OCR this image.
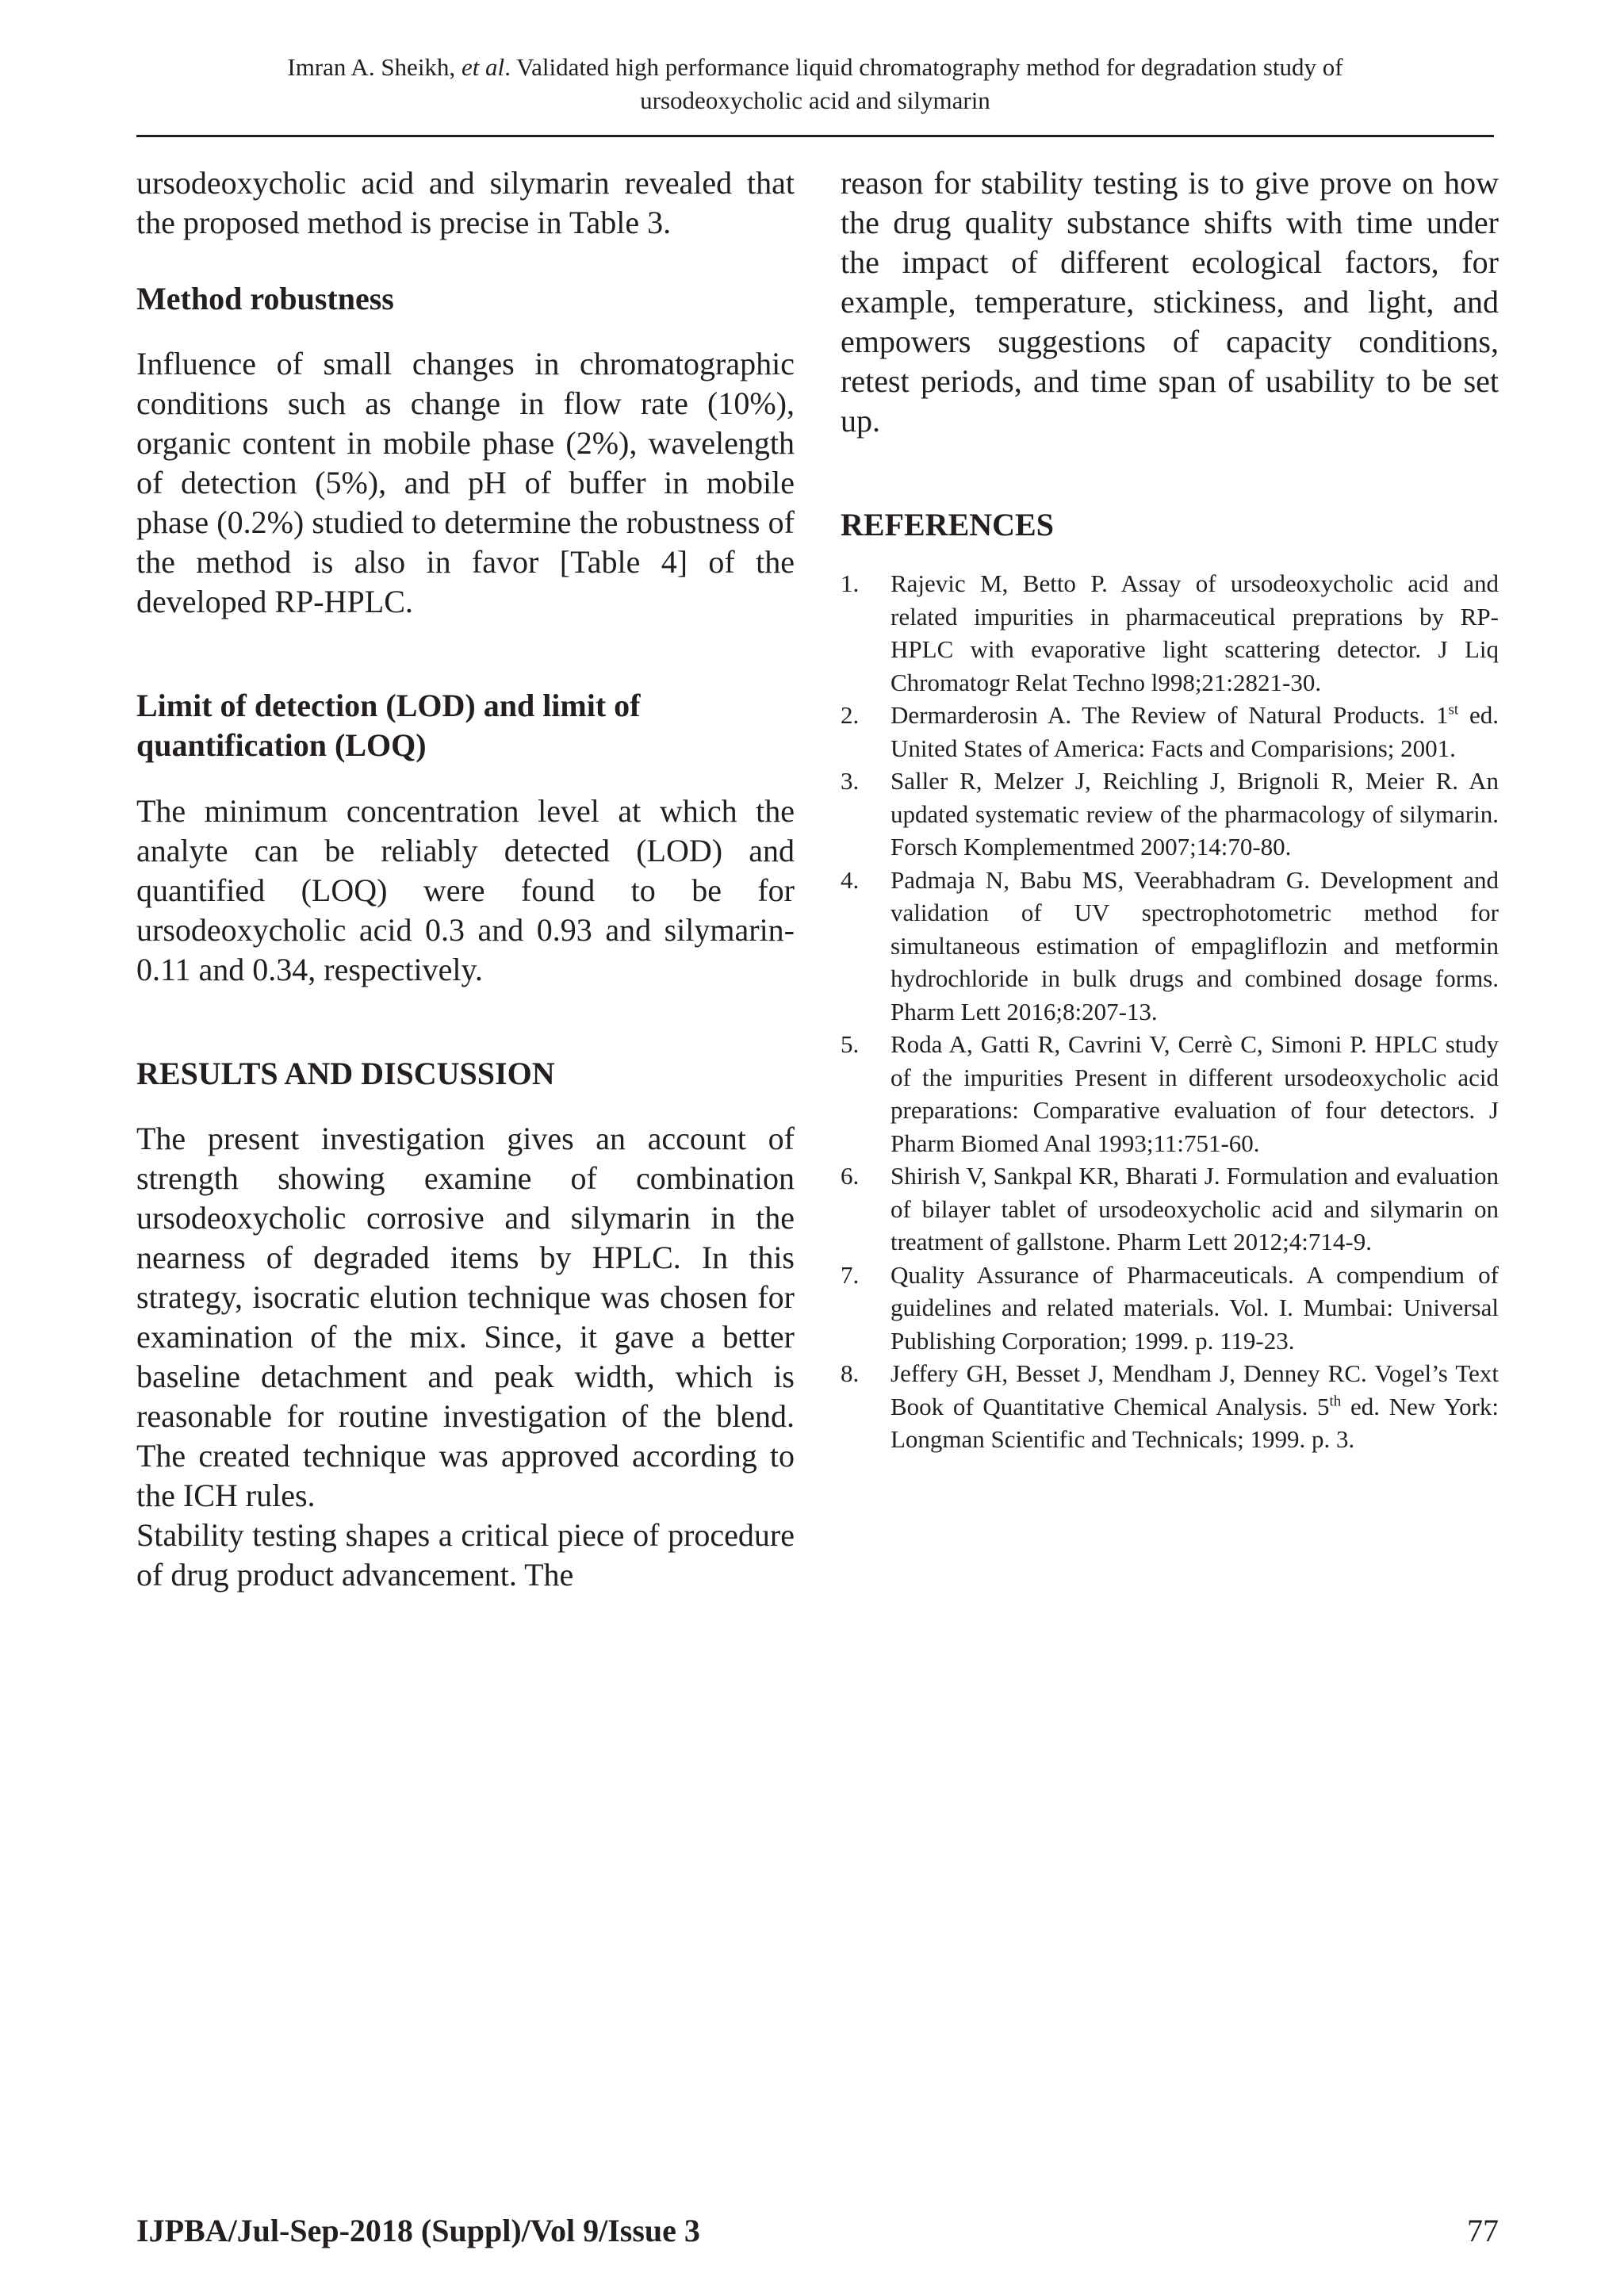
Imran A. Sheikh, et al. Validated high performance liquid chromatography method for degradation study of
ursodeoxycholic acid and silymarin

ursodeoxycholic acid and silymarin revealed that the proposed method is precise in Table 3.

Method robustness

Influence of small changes in chromatographic conditions such as change in flow rate (10%), organic content in mobile phase (2%), wavelength of detection (5%), and pH of buffer in mobile phase (0.2%) studied to determine the robustness of the method is also in favor [Table 4] of the developed RP-HPLC.

Limit of detection (LOD) and limit of quantification (LOQ)

The minimum concentration level at which the analyte can be reliably detected (LOD) and quantified (LOQ) were found to be for ursodeoxycholic acid 0.3 and 0.93 and silymarin- 0.11 and 0.34, respectively.

RESULTS AND DISCUSSION

The present investigation gives an account of strength showing examine of combination ursodeoxycholic corrosive and silymarin in the nearness of degraded items by HPLC. In this strategy, isocratic elution technique was chosen for examination of the mix. Since, it gave a better baseline detachment and peak width, which is reasonable for routine investigation of the blend. The created technique was approved according to the ICH rules.

Stability testing shapes a critical piece of procedure of drug product advancement. The

reason for stability testing is to give prove on how the drug quality substance shifts with time under the impact of different ecological factors, for example, temperature, stickiness, and light, and empowers suggestions of capacity conditions, retest periods, and time span of usability to be set up.

REFERENCES

1. Rajevic M, Betto P. Assay of ursodeoxycholic acid and related impurities in pharmaceutical preprations by RP-HPLC with evaporative light scattering detector. J Liq Chromatogr Relat Techno l998;21:2821-30.
2. Dermarderosin A. The Review of Natural Products. 1st ed. United States of America: Facts and Comparisions; 2001.
3. Saller R, Melzer J, Reichling J, Brignoli R, Meier R. An updated systematic review of the pharmacology of silymarin. Forsch Komplementmed 2007;14:70-80.
4. Padmaja N, Babu MS, Veerabhadram G. Development and validation of UV spectrophotometric method for simultaneous estimation of empagliflozin and metformin hydrochloride in bulk drugs and combined dosage forms. Pharm Lett 2016;8:207-13.
5. Roda A, Gatti R, Cavrini V, Cerrè C, Simoni P. HPLC study of the impurities Present in different ursodeoxycholic acid preparations: Comparative evaluation of four detectors. J Pharm Biomed Anal 1993;11:751-60.
6. Shirish V, Sankpal KR, Bharati J. Formulation and evaluation of bilayer tablet of ursodeoxycholic acid and silymarin on treatment of gallstone. Pharm Lett 2012;4:714-9.
7. Quality Assurance of Pharmaceuticals. A compendium of guidelines and related materials. Vol. I. Mumbai: Universal Publishing Corporation; 1999. p. 119-23.
8. Jeffery GH, Besset J, Mendham J, Denney RC. Vogel’s Text Book of Quantitative Chemical Analysis. 5th ed. New York: Longman Scientific and Technicals; 1999. p. 3.
IJPBA/Jul-Sep-2018 (Suppl)/Vol 9/Issue 3	77
